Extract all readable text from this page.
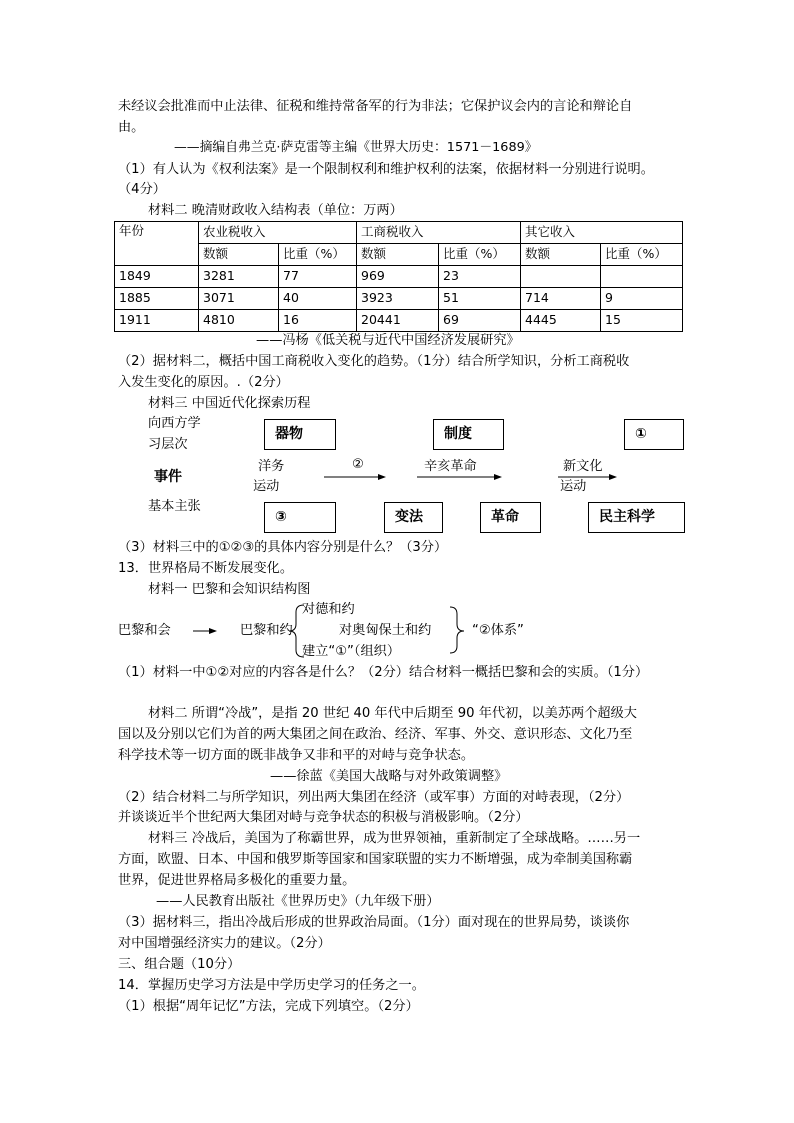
未经议会批准而中止法律、征税和维持常备军的行为非法；它保护议会内的言论和辩论自

由。

——摘编自弗兰克·萨克雷等主编《世界大历史：1571－1689》

（1）有人认为《权利法案》是一个限制权利和维护权利的法案，依据材料一分别进行说明。

（4分）

材料二 晚清财政收入结构表（单位：万两）

年份	农业税收入		工商税收入		其它收入	
	数额	比重（%）	数额	比重（%）	数额	比重（%）
1849	3281	77	969	23		
1885	3071	40	3923	51	714	9
1911	4810	16	20441	69	4445	15

——冯杨《低关税与近代中国经济发展研究》

（2）据材料二，概括中国工商税收入变化的趋势。（1分）结合所学知识，分析工商税收

入发生变化的原因。.（2分）

材料三 中国近代化探索历程

向西方学

习层次

事件

基本主张

器物	制度	①

洋务

运动

②	辛亥革命	新文化

运动

③	变法	革命	民主科学

（3）材料三中的①②③的具体内容分别是什么？（3分）

13．世界格局不断发展变化。

材料一 巴黎和会知识结构图

巴黎和会	巴黎和约

对德和约

对奥匈保土和约

建立“①”（组织）

“②体系”

（1）材料一中①②对应的内容各是什么？（2分）结合材料一概括巴黎和会的实质。（1分）

材料二 所谓“冷战”，是指 20 世纪 40 年代中后期至 90 年代初，以美苏两个超级大

国以及分别以它们为首的两大集团之间在政治、经济、军事、外交、意识形态、文化乃至

科学技术等一切方面的既非战争又非和平的对峙与竞争状态。

——徐蓝《美国大战略与对外政策调整》

（2）结合材料二与所学知识，列出两大集团在经济（或军事）方面的对峙表现，（2分）

并谈谈近半个世纪两大集团对峙与竞争状态的积极与消极影响。（2分）

材料三 冷战后，美国为了称霸世界，成为世界领袖，重新制定了全球战略。……另一

方面，欧盟、日本、中国和俄罗斯等国家和国家联盟的实力不断增强，成为牵制美国称霸

世界，促进世界格局多极化的重要力量。

——人民教育出版社《世界历史》（九年级下册）

（3）据材料三，指出冷战后形成的世界政治局面。（1分）面对现在的世界局势，谈谈你

对中国增强经济实力的建议。（2分）

三、组合题（10分）

14．掌握历史学习方法是中学历史学习的任务之一。

（1）根据“周年记忆”方法，完成下列填空。（2分）
